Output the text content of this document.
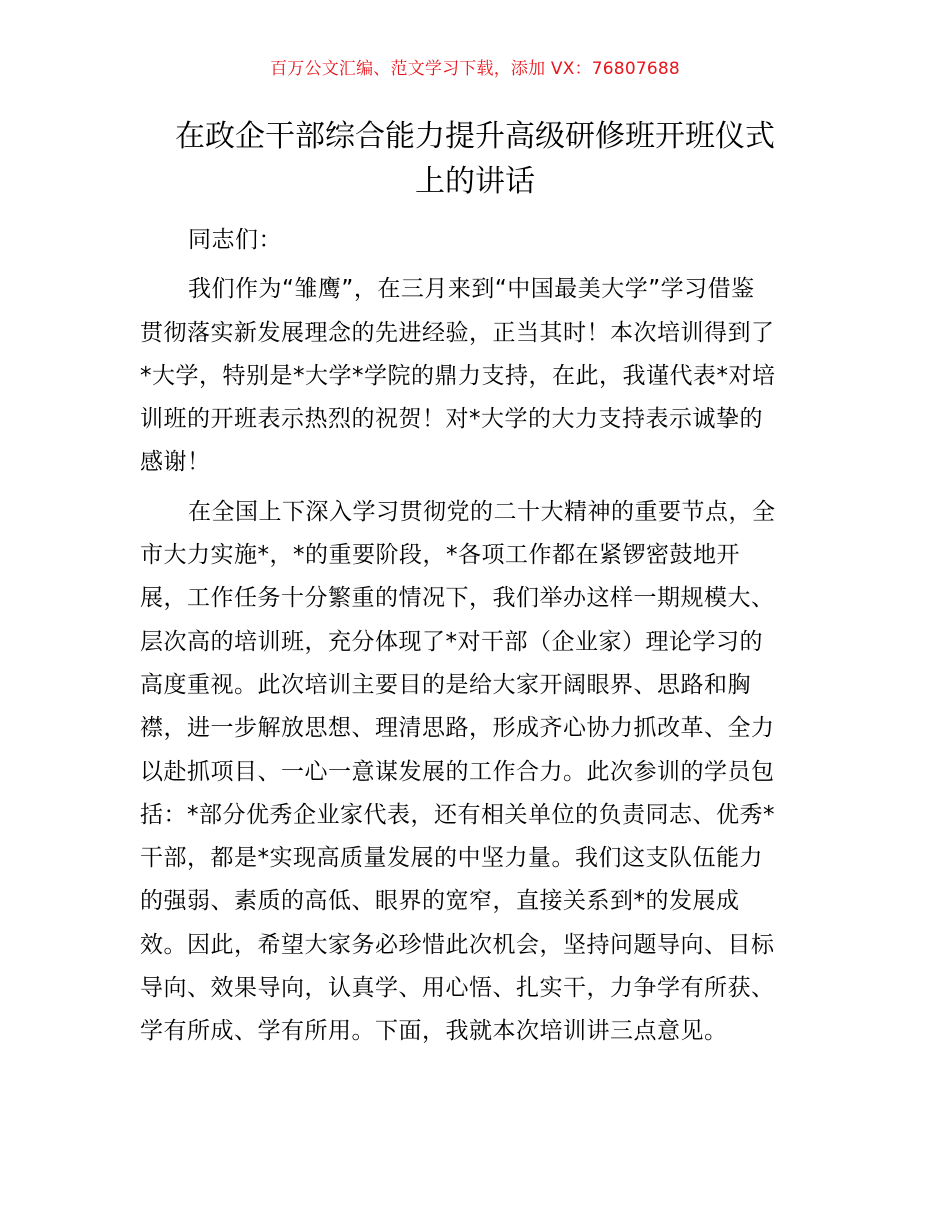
百万公文汇编、范文学习下载，添加 VX：76807688
在政企干部综合能力提升高级研修班开班仪式
上的讲话

同志们：

我们作为“雏鹰”，在三月来到“中国最美大学”学习借鉴
贯彻落实新发展理念的先进经验，正当其时！本次培训得到了
*大学，特别是*大学*学院的鼎力支持，在此，我谨代表*对培
训班的开班表示热烈的祝贺！对*大学的大力支持表示诚挚的
感谢！

在全国上下深入学习贯彻党的二十大精神的重要节点，全
市大力实施*，*的重要阶段，*各项工作都在紧锣密鼓地开
展，工作任务十分繁重的情况下，我们举办这样一期规模大、
层次高的培训班，充分体现了*对干部（企业家）理论学习的
高度重视。此次培训主要目的是给大家开阔眼界、思路和胸
襟，进一步解放思想、理清思路，形成齐心协力抓改革、全力
以赴抓项目、一心一意谋发展的工作合力。此次参训的学员包
括：*部分优秀企业家代表，还有相关单位的负责同志、优秀*
干部，都是*实现高质量发展的中坚力量。我们这支队伍能力
的强弱、素质的高低、眼界的宽窄，直接关系到*的发展成
效。因此，希望大家务必珍惜此次机会，坚持问题导向、目标
导向、效果导向，认真学、用心悟、扎实干，力争学有所获、
学有所成、学有所用。下面，我就本次培训讲三点意见。
